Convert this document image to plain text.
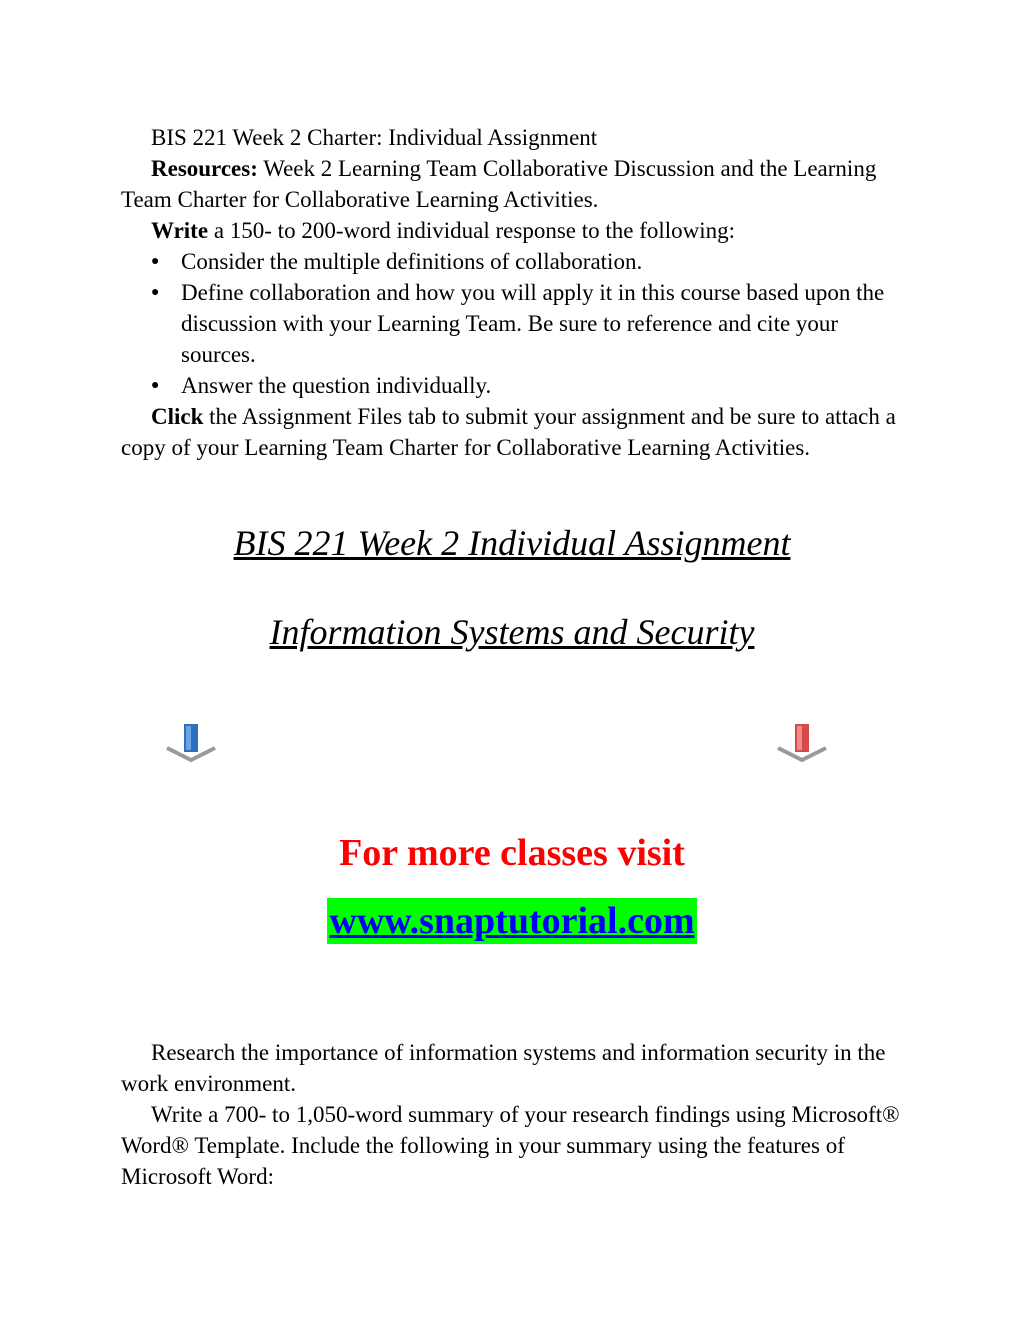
BIS 221 Week 2 Charter: Individual Assignment

Resources: Week 2 Learning Team Collaborative Discussion and the Learning Team Charter for Collaborative Learning Activities.

Write a 150- to 200-word individual response to the following:

● Consider the multiple definitions of collaboration.
● Define collaboration and how you will apply it in this course based upon the discussion with your Learning Team. Be sure to reference and cite your sources.
● Answer the question individually.

Click the Assignment Files tab to submit your assignment and be sure to attach a copy of your Learning Team Charter for Collaborative Learning Activities.

BIS 221 Week 2 Individual Assignment
Information Systems and Security
For more classes visit
www.snaptutorial.com

Research the importance of information systems and information security in the work environment.

Write a 700- to 1,050-word summary of your research findings using Microsoft® Word® Template. Include the following in your summary using the features of Microsoft Word:
